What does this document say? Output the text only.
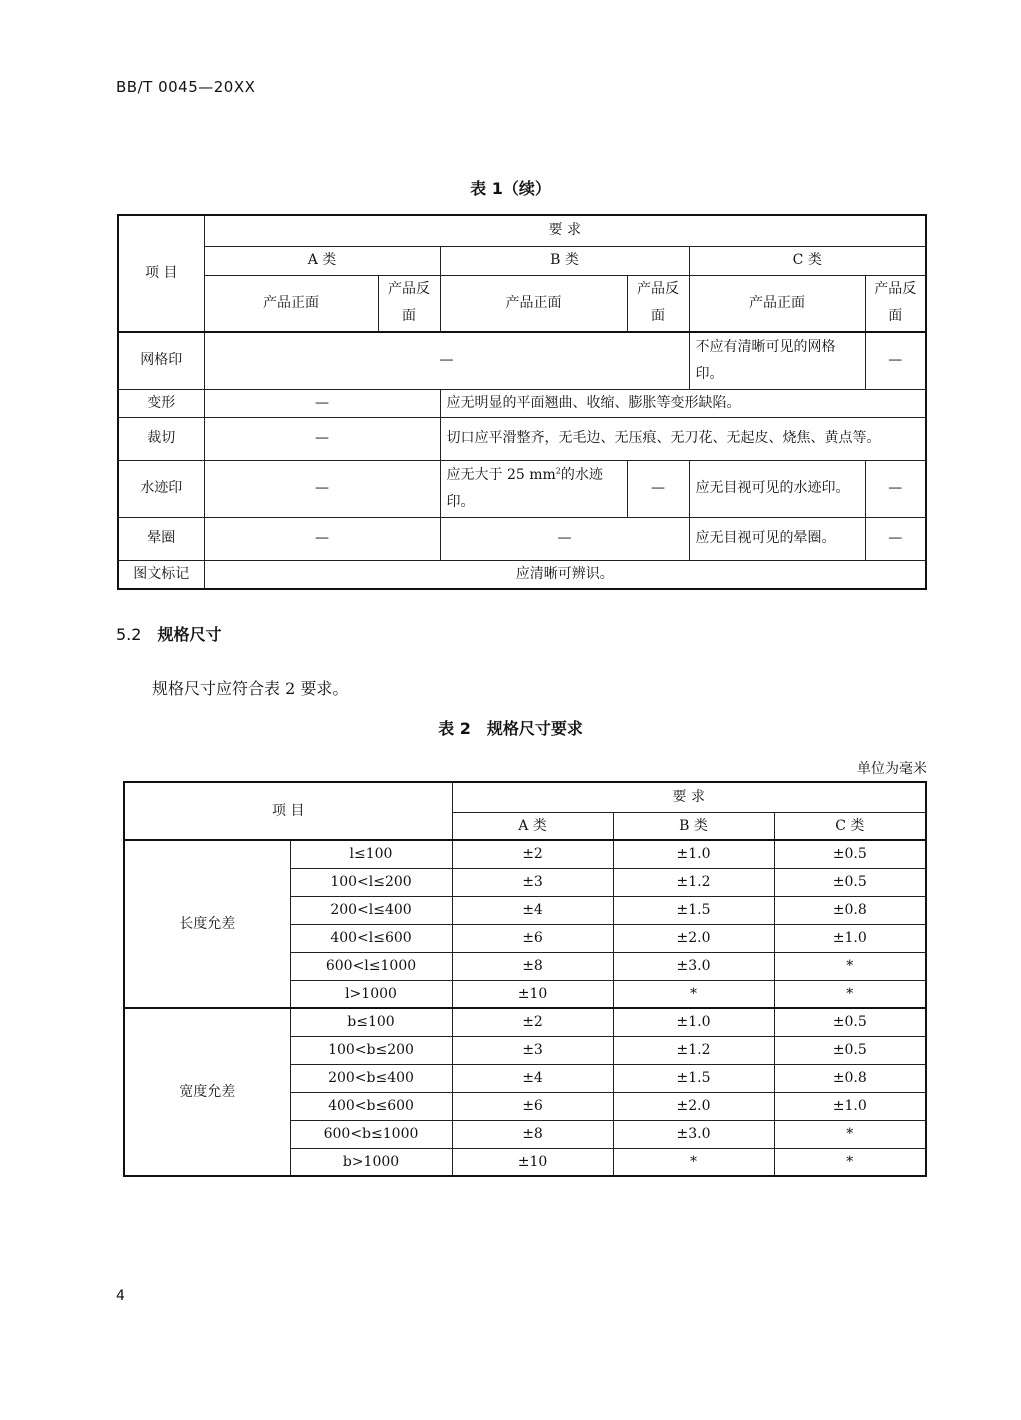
BB/T 0045—20XX
表 1（续）
项 目	要 求					
	A 类		B 类		C 类	
	产品正面	产品反面	产品正面	产品反面	产品正面	产品反面
网格印	—				不应有清晰可见的网格印。	—
变形	—		应无明显的平面翘曲、收缩、膨胀等变形缺陷。			
裁切	—		切口应平滑整齐，无毛边、无压痕、无刀花、无起皮、烧焦、黄点等。			
水迹印	—		应无大于 25 $mm^2$的水迹印。	—	应无目视可见的水迹印。	—
晕圈	—		—		应无目视可见的晕圈。	—
图文标记	应清晰可辨识。					
5.2 规格尺寸
规格尺寸应符合表 2 要求。
表 2　规格尺寸要求
单位为毫米
项 目		要 求		
		A 类	B 类	C 类
长度允差	l≤100	±2	±1.0	±0.5
	100<l≤200	±3	±1.2	±0.5
	200<l≤400	±4	±1.5	±0.8
	400<l≤600	±6	±2.0	±1.0
	600<l≤1000	±8	±3.0	*
	l>1000	±10	*	*
宽度允差	b≤100	±2	±1.0	±0.5
	100<b≤200	±3	±1.2	±0.5
	200<b≤400	±4	±1.5	±0.8
	400<b≤600	±6	±2.0	±1.0
	600<b≤1000	±8	±3.0	*
	b>1000	±10	*	*
4
